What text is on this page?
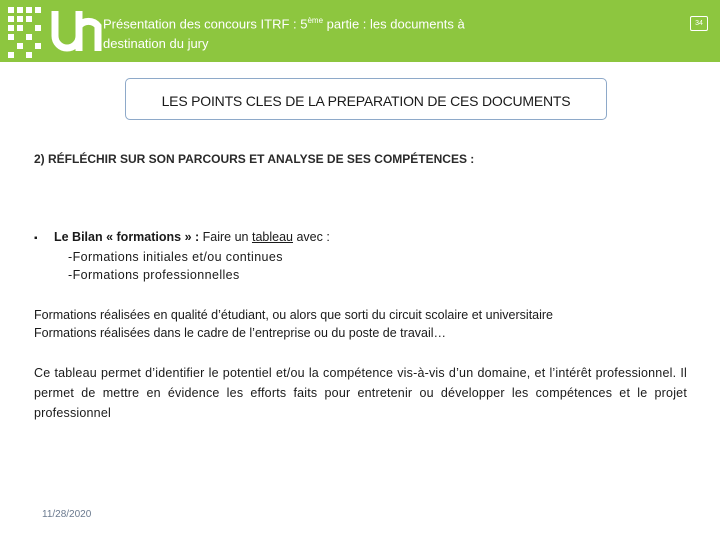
Présentation des concours ITRF : 5ème partie : les documents à
destination du jury
34
LES POINTS CLES DE LA PREPARATION DE CES DOCUMENTS
2) RÉFLÉCHIR SUR SON PARCOURS ET ANALYSE DE SES COMPÉTENCES :
▪ Le Bilan « formations » : Faire un tableau avec :
-Formations initiales et/ou continues
-Formations professionnelles
Formations réalisées en qualité d’étudiant, ou alors que sorti du circuit scolaire et universitaire
Formations réalisées dans le cadre de l’entreprise ou du poste de travail…
Ce tableau permet d’identifier le potentiel et/ou la compétence vis-à-vis d’un domaine, et l’intérêt professionnel. Il permet de mettre en évidence les efforts faits pour entretenir ou développer les compétences et le projet professionnel
11/28/2020
